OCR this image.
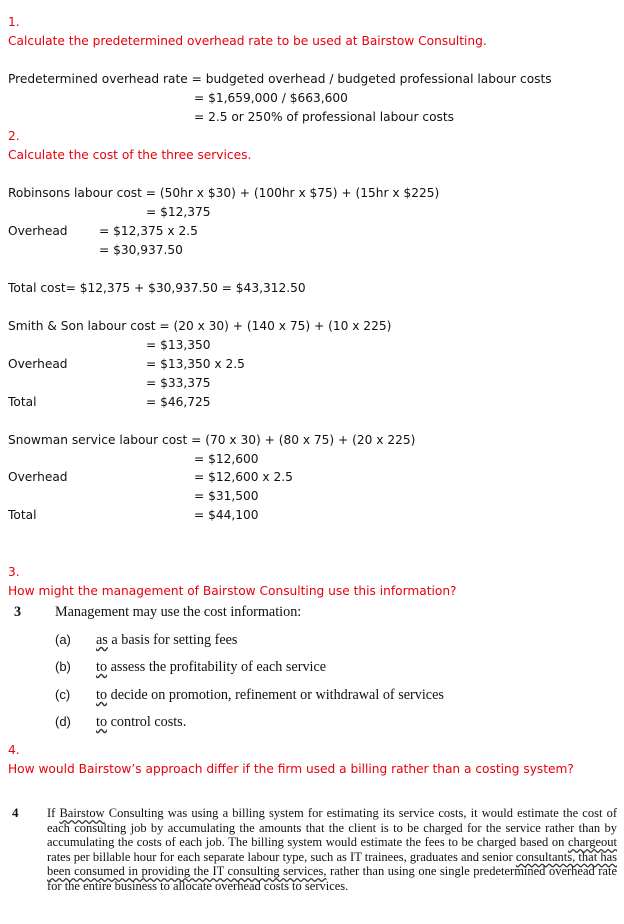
1.
Calculate the predetermined overhead rate to be used at Bairstow Consulting.
Predetermined overhead rate = budgeted overhead / budgeted professional labour costs
= $1,659,000 / $663,600
= 2.5 or 250% of professional labour costs
2.
Calculate the cost of the three services.
Robinsons labour cost = (50hr x $30) + (100hr x $75) + (15hr x $225)
= $12,375
Overhead	= $12,375 x 2.5
= $30,937.50
Total cost= $12,375 + $30,937.50 = $43,312.50
Smith & Son labour cost = (20 x 30) + (140 x 75) + (10 x 225)
= $13,350
Overhead	= $13,350 x 2.5
= $33,375
Total	= $46,725
Snowman service labour cost = (70 x 30) + (80 x 75) + (20 x 225)
= $12,600
Overhead	= $12,600 x 2.5
= $31,500
Total	= $44,100
3.
How might the management of Bairstow Consulting use this information?
3 Management may use the cost information:
(a) as a basis for setting fees
(b) to assess the profitability of each service
(c) to decide on promotion, refinement or withdrawal of services
(d) to control costs.
4.
How would Bairstow’s approach differ if the firm used a billing rather than a costing system?
4 If Bairstow Consulting was using a billing system for estimating its service costs, it would estimate the cost of each consulting job by accumulating the amounts that the client is to be charged for the service rather than by accumulating the costs of each job. The billing system would estimate the fees to be charged based on chargeout rates per billable hour for each separate labour type, such as IT trainees, graduates and senior consultants, that has been consumed in providing the IT consulting services, rather than using one single predetermined overhead rate for the entire business to allocate overhead costs to services.
